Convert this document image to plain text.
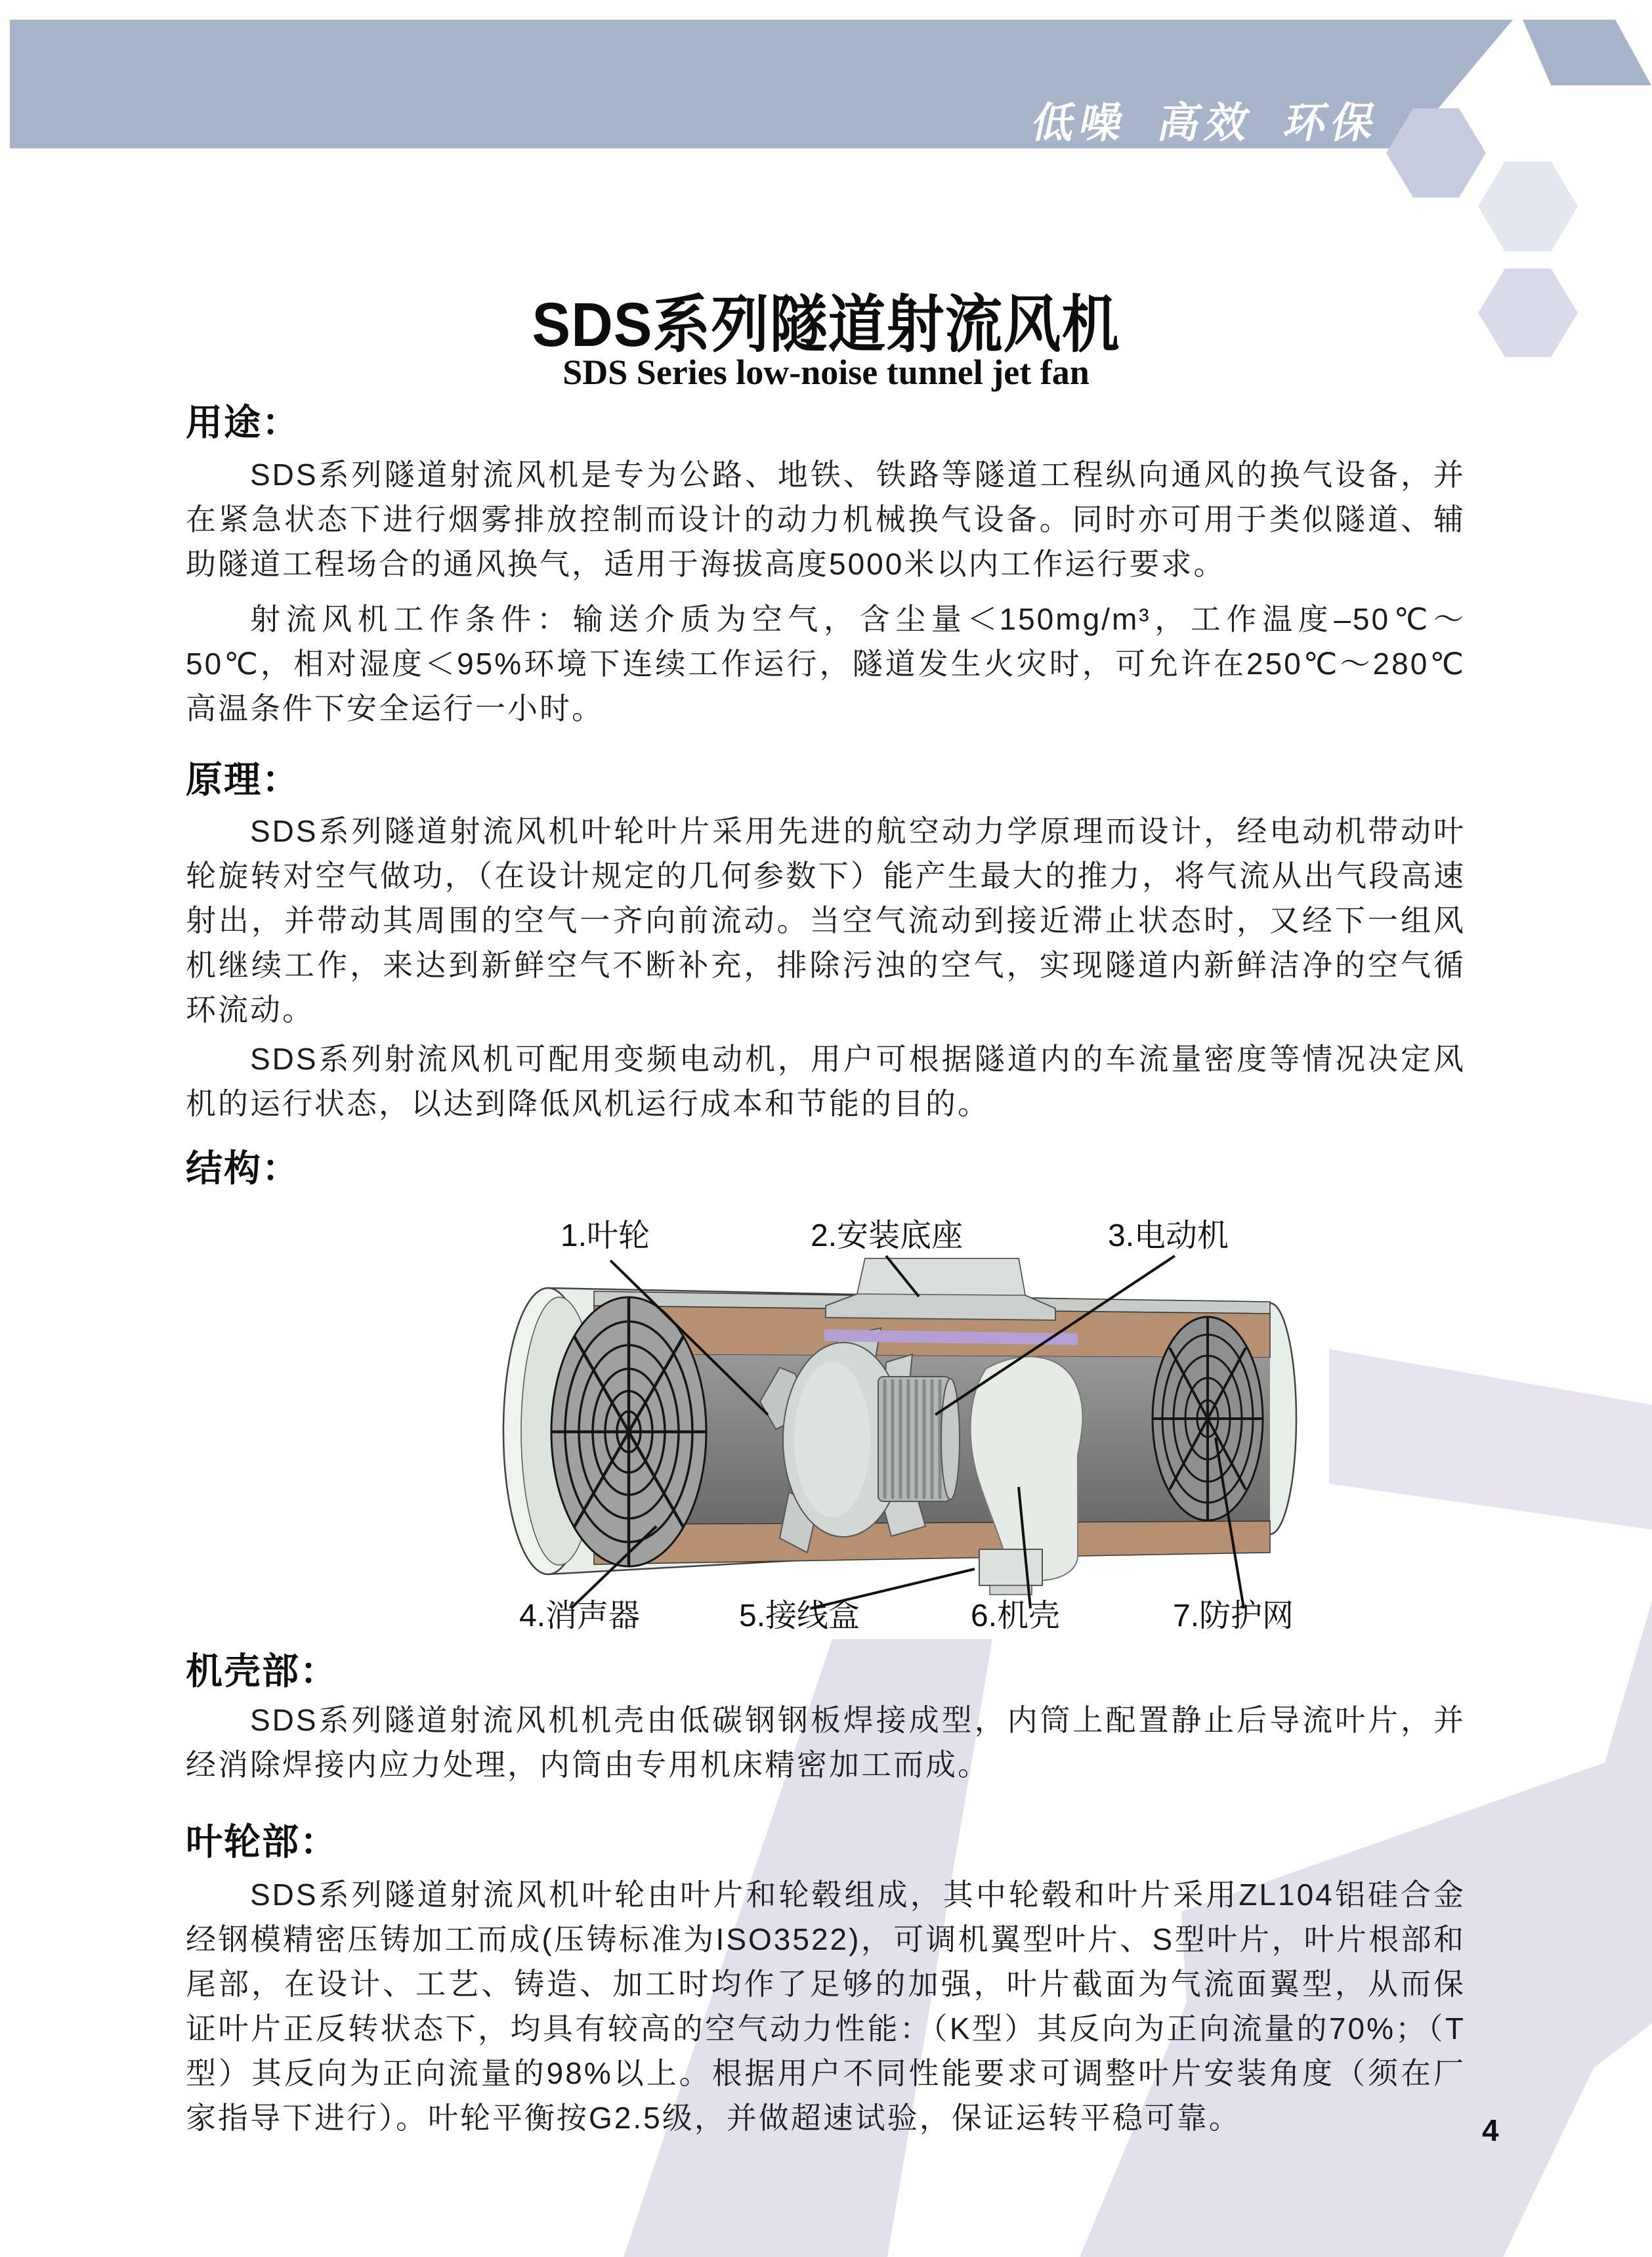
低噪 高效 环保
SDS系列隧道射流风机
SDS Series low-noise tunnel jet fan
用途：
SDS系列隧道射流风机是专为公路、地铁、铁路等隧道工程纵向通风的换气设备，并在紧急状态下进行烟雾排放控制而设计的动力机械换气设备。同时亦可用于类似隧道、辅助隧道工程场合的通风换气，适用于海拔高度5000米以内工作运行要求。
射流风机工作条件：输送介质为空气，含尘量＜150mg/m³，工作温度–50℃～50℃，相对湿度＜95%环境下连续工作运行，隧道发生火灾时，可允许在250℃～280℃高温条件下安全运行一小时。
原理：
SDS系列隧道射流风机叶轮叶片采用先进的航空动力学原理而设计，经电动机带动叶轮旋转对空气做功，（在设计规定的几何参数下）能产生最大的推力，将气流从出气段高速射出，并带动其周围的空气一齐向前流动。当空气流动到接近滞止状态时，又经下一组风机继续工作，来达到新鲜空气不断补充，排除污浊的空气，实现隧道内新鲜洁净的空气循环流动。
SDS系列射流风机可配用变频电动机，用户可根据隧道内的车流量密度等情况决定风机的运行状态，以达到降低风机运行成本和节能的目的。
结构：
1.叶轮	2.安装底座	3.电动机
4.消声器	5.接线盒	6.机壳	7.防护网
机壳部：
SDS系列隧道射流风机机壳由低碳钢钢板焊接成型，内筒上配置静止后导流叶片，并经消除焊接内应力处理，内筒由专用机床精密加工而成。
叶轮部：
SDS系列隧道射流风机叶轮由叶片和轮毂组成，其中轮毂和叶片采用ZL104铝硅合金经钢模精密压铸加工而成(压铸标准为ISO3522)，可调机翼型叶片、S型叶片，叶片根部和尾部，在设计、工艺、铸造、加工时均作了足够的加强，叶片截面为气流面翼型，从而保证叶片正反转状态下，均具有较高的空气动力性能：（K型）其反向为正向流量的70%；（T型）其反向为正向流量的98%以上。根据用户不同性能要求可调整叶片安装角度（须在厂家指导下进行）。叶轮平衡按G2.5级，并做超速试验，保证运转平稳可靠。	4
